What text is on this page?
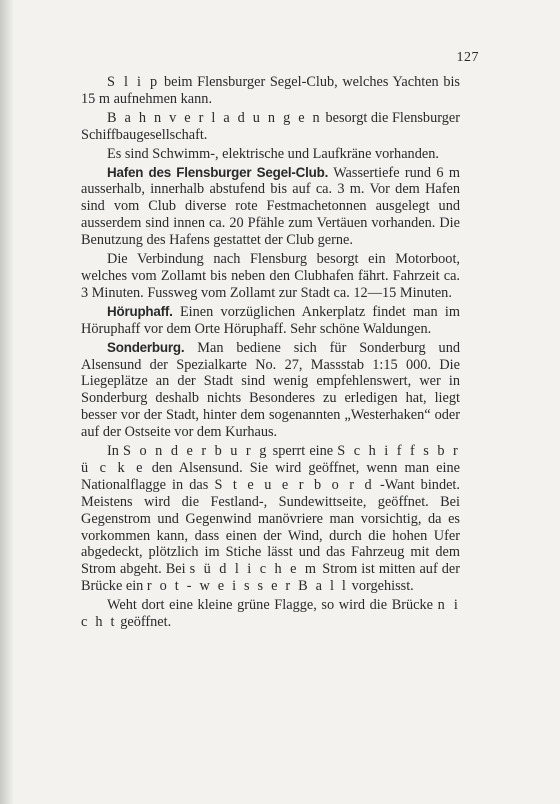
127

S l i p beim Flensburger Segel-Club, welches Yachten bis 15 m aufnehmen kann.

B a h n v e r l a d u n g e n besorgt die Flensburger Schiffbaugesellschaft.

Es sind Schwimm-, elektrische und Laufkräne vorhanden.

Hafen des Flensburger Segel-Club. Wassertiefe rund 6 m ausserhalb, innerhalb abstufend bis auf ca. 3 m. Vor dem Hafen sind vom Club diverse rote Festmachetonnen ausgelegt und ausserdem sind innen ca. 20 Pfähle zum Vertäuen vorhanden. Die Benutzung des Hafens gestattet der Club gerne.

Die Verbindung nach Flensburg besorgt ein Motorboot, welches vom Zollamt bis neben den Clubhafen fährt. Fahrzeit ca. 3 Minuten. Fussweg vom Zollamt zur Stadt ca. 12—15 Minuten.

Höruphaff. Einen vorzüglichen Ankerplatz findet man im Höruphaff vor dem Orte Höruphaff. Sehr schöne Waldungen.

Sonderburg. Man bediene sich für Sonderburg und Alsensund der Spezialkarte No. 27, Massstab 1:15 000. Die Liegeplätze an der Stadt sind wenig empfehlenswert, wer in Sonderburg deshalb nichts Besonderes zu erledigen hat, liegt besser vor der Stadt, hinter dem sogenannten „Westerhaken“ oder auf der Ostseite vor dem Kurhaus.

In S o n d e r b u r g sperrt eine S c h i f f s b r ü c k e den Alsensund. Sie wird geöffnet, wenn man eine Nationalflagge in das S t e u e r b o r d -Want bindet. Meistens wird die Festland-, Sundewittseite, geöffnet. Bei Gegenstrom und Gegenwind manövriere man vorsichtig, da es vorkommen kann, dass einen der Wind, durch die hohen Ufer abgedeckt, plötzlich im Stiche lässt und das Fahrzeug mit dem Strom abgeht. Bei s ü d l i c h e m Strom ist mitten auf der Brücke ein r o t - w e i s s e r B a l l vorgehisst.

Weht dort eine kleine grüne Flagge, so wird die Brücke n i c h t geöffnet.
